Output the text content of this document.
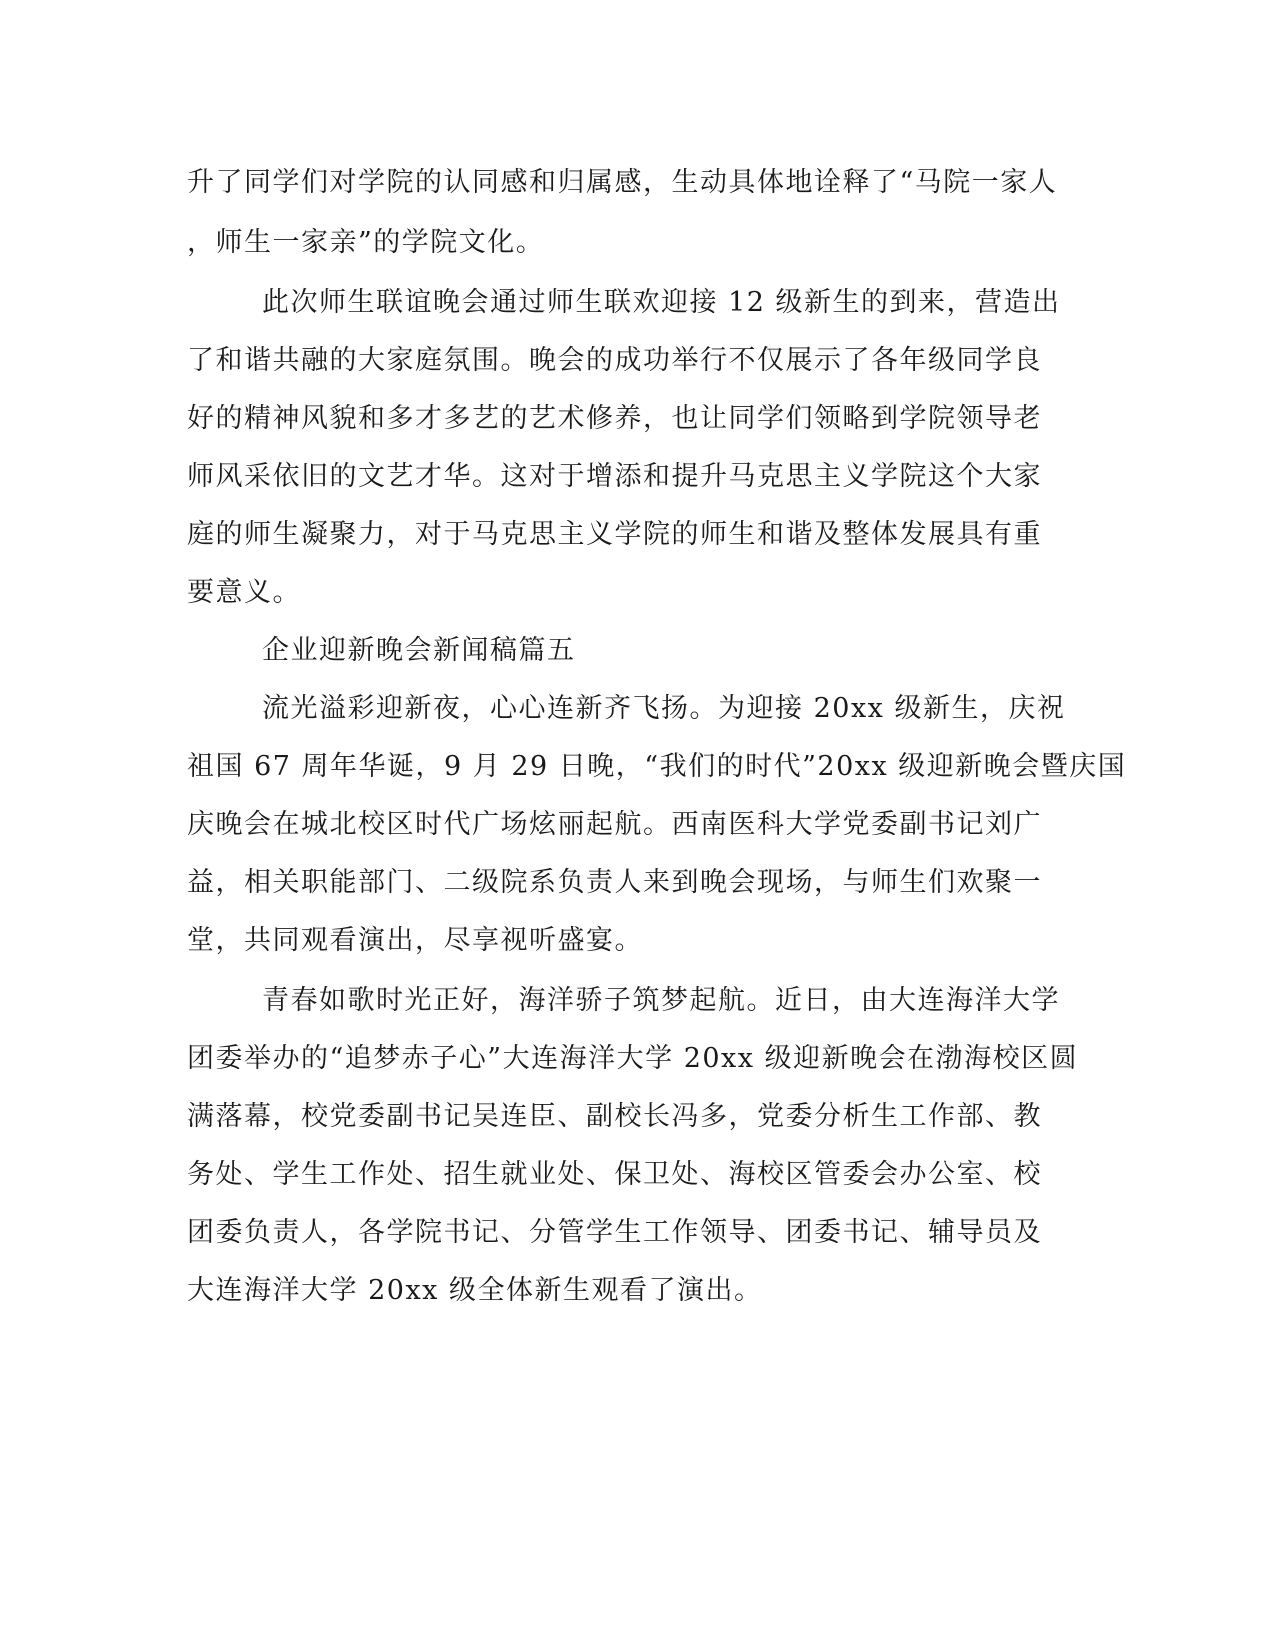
升了同学们对学院的认同感和归属感，生动具体地诠释了“马院一家人
，师生一家亲”的学院文化。
此次师生联谊晚会通过师生联欢迎接 12 级新生的到来，营造出
了和谐共融的大家庭氛围。晚会的成功举行不仅展示了各年级同学良
好的精神风貌和多才多艺的艺术修养，也让同学们领略到学院领导老
师风采依旧的文艺才华。这对于增添和提升马克思主义学院这个大家
庭的师生凝聚力，对于马克思主义学院的师生和谐及整体发展具有重
要意义。
企业迎新晚会新闻稿篇五
流光溢彩迎新夜，心心连新齐飞扬。为迎接 20xx 级新生，庆祝
祖国 67 周年华诞，9 月 29 日晚，“我们的时代”20xx 级迎新晚会暨庆国
庆晚会在城北校区时代广场炫丽起航。西南医科大学党委副书记刘广
益，相关职能部门、二级院系负责人来到晚会现场，与师生们欢聚一
堂，共同观看演出，尽享视听盛宴。
青春如歌时光正好，海洋骄子筑梦起航。近日，由大连海洋大学
团委举办的“追梦赤子心”大连海洋大学 20xx 级迎新晚会在渤海校区圆
满落幕，校党委副书记吴连臣、副校长冯多，党委分析生工作部、教
务处、学生工作处、招生就业处、保卫处、海校区管委会办公室、校
团委负责人，各学院书记、分管学生工作领导、团委书记、辅导员及
大连海洋大学 20xx 级全体新生观看了演出。
